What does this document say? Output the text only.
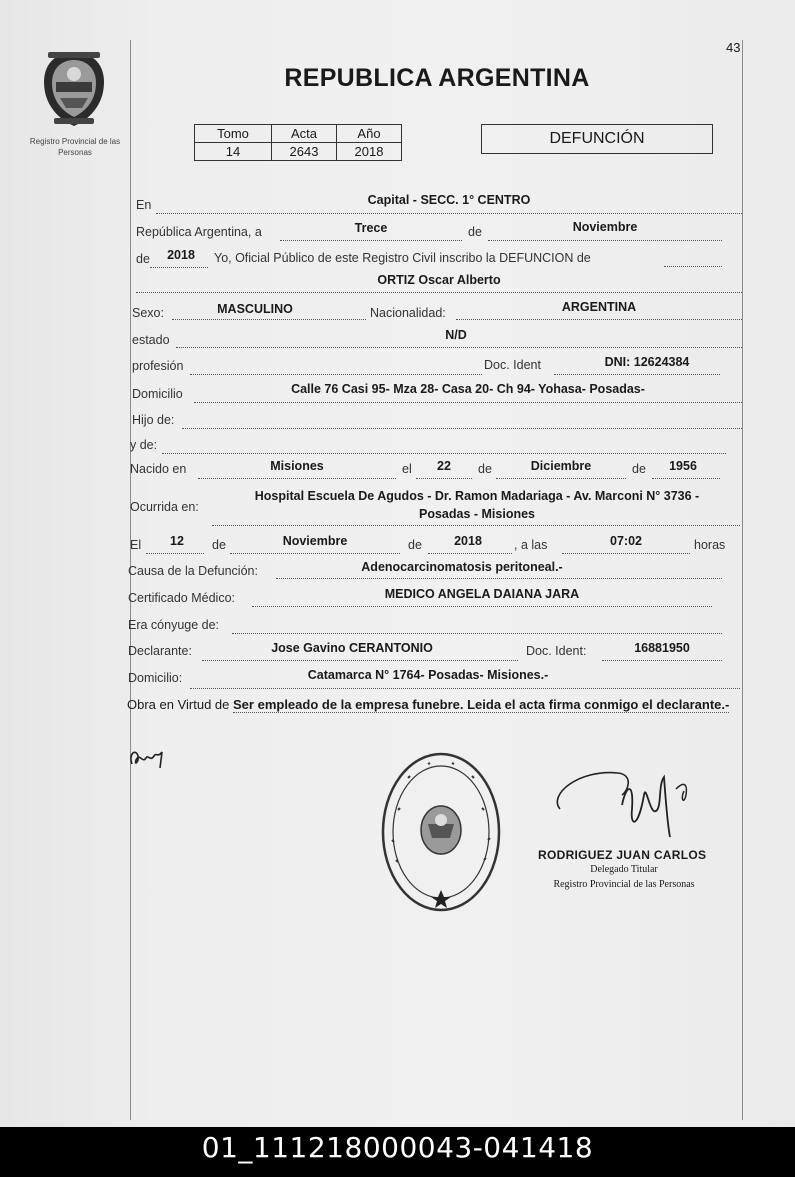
43
Registro Provincial de las Personas
REPUBLICA ARGENTINA
Tomo	Acta	Año
14	2643	2018
DEFUNCIÓN
En	Capital - SECC. 1° CENTRO
República Argentina, a	Trece	de	Noviembre
de	2018	Yo, Oficial Público de este Registro Civil inscribo la DEFUNCION de
ORTIZ Oscar Alberto
Sexo:	MASCULINO	Nacionalidad:	ARGENTINA
estado	N/D
profesión	Doc. Ident	DNI: 12624384
Domicilio	Calle 76 Casi 95- Mza 28- Casa 20- Ch 94- Yohasa- Posadas-
Hijo de:
y de:
Nacido en	Misiones	el	22	de	Diciembre	de	1956
Ocurrida en:
Hospital Escuela De Agudos - Dr. Ramon Madariaga - Av. Marconi N° 3736 -
Posadas - Misiones
El	12	de	Noviembre	de	2018	, a las	07:02	horas
Causa de la Defunción:	Adenocarcinomatosis peritoneal.-
Certificado Médico:	MEDICO ANGELA DAIANA JARA
Era cónyuge de:
Declarante:	Jose Gavino CERANTONIO	Doc. Ident:	16881950
Domicilio:	Catamarca N° 1764- Posadas- Misiones.-
Obra en Virtud de Ser empleado de la empresa funebre. Leida el acta firma conmigo el declarante.-
RODRIGUEZ JUAN CARLOS
Delegado Titular
Registro Provincial de las Personas
01_111218000043-041418
